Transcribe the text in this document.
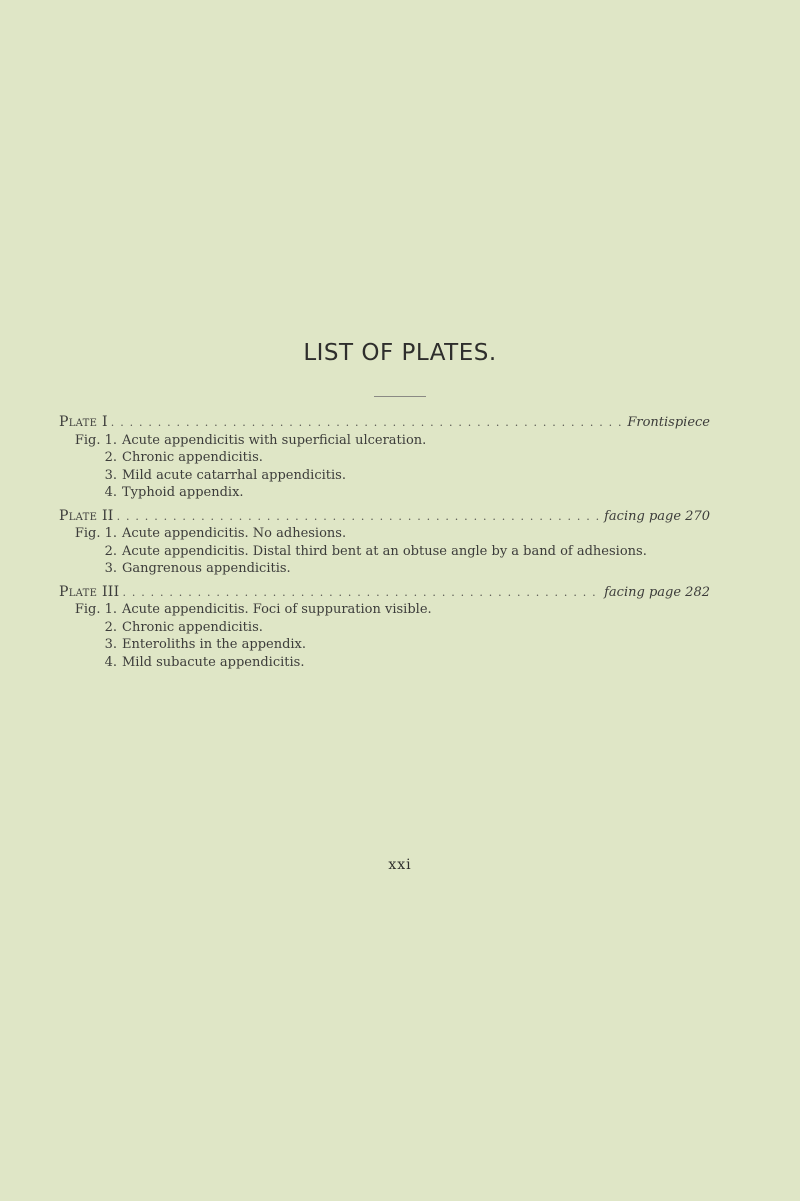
LIST OF PLATES.
Plate I . . .	Frontispiece
Fig. 1. Acute appendicitis with superficial ulceration.
2. Chronic appendicitis.
3. Mild acute catarrhal appendicitis.
4. Typhoid appendix.
Plate II . . .	facing page 270
Fig. 1. Acute appendicitis. No adhesions.
2. Acute appendicitis. Distal third bent at an obtuse angle by a band of adhesions.
3. Gangrenous appendicitis.
Plate III . . .	facing page 282
Fig. 1. Acute appendicitis. Foci of suppuration visible.
2. Chronic appendicitis.
3. Enteroliths in the appendix.
4. Mild subacute appendicitis.
xxi
